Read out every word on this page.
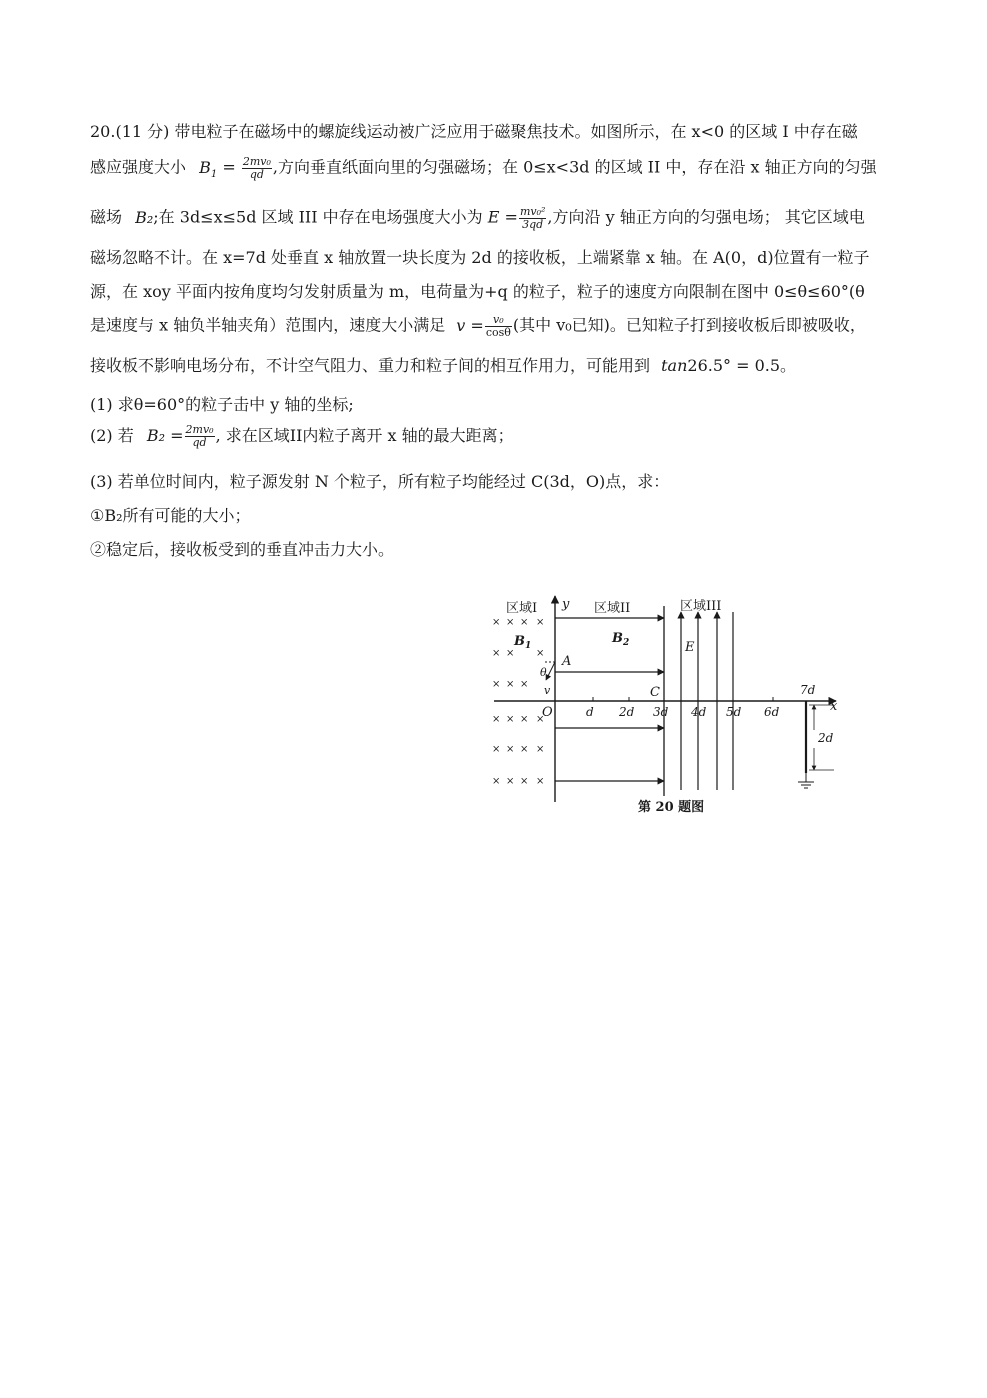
20.(11 分) 带电粒子在磁场中的螺旋线运动被广泛应用于磁聚焦技术。如图所示，在 x<0 的区域 I 中存在磁
感应强度大小 $B_1 = \frac{\text{2mv₀}}{qd}$ ,方向垂直纸面向里的匀强磁场；在 0≤x<3d 的区域 II 中，存在沿 x 轴正方向的匀强
磁场 B₂;在 3d≤x≤5d 区域 III 中存在电场强度大小为 $E = \frac{\text{mv₀²}}{3qd}$ ,方向沿 y 轴正方向的匀强电场； 其它区域电
磁场忽略不计。在 x=7d 处垂直 x 轴放置一块长度为 2d 的接收板，上端紧靠 x 轴。在 A(0，d)位置有一粒子
源，在 xoy 平面内按角度均匀发射质量为 m，电荷量为+q 的粒子，粒子的速度方向限制在图中 0≤θ≤60°(θ
是速度与 x 轴负半轴夹角）范围内，速度大小满足 $v = \frac{\text{v₀}}{\cos\theta}$ (其中 v₀已知)。已知粒子打到接收板后即被吸收，
接收板不影响电场分布，不计空气阻力、重力和粒子间的相互作用力，可能用到 tan26.5° = 0.5。
(1) 求θ=60°的粒子击中 y 轴的坐标;
(2) 若 $B_2 = \frac{\text{2mv₀}}{qd}$ , 求在区域II内粒子离开 x 轴的最大距离；
(3) 若单位时间内，粒子源发射 N 个粒子，所有粒子均能经过 C(3d，O)点，求：
①B₂所有可能的大小；
②稳定后，接收板受到的垂直冲击力大小。
区域I	区域II	区域III
y
x
× × × ×
× × ×
× × ×
× × × ×
× × × ×
× × × ×
$B_1$
A
θ
v
$B_2$	E
O
C
d 2d 3d 4d 5d 6d
7d
2d
第 20 题图
